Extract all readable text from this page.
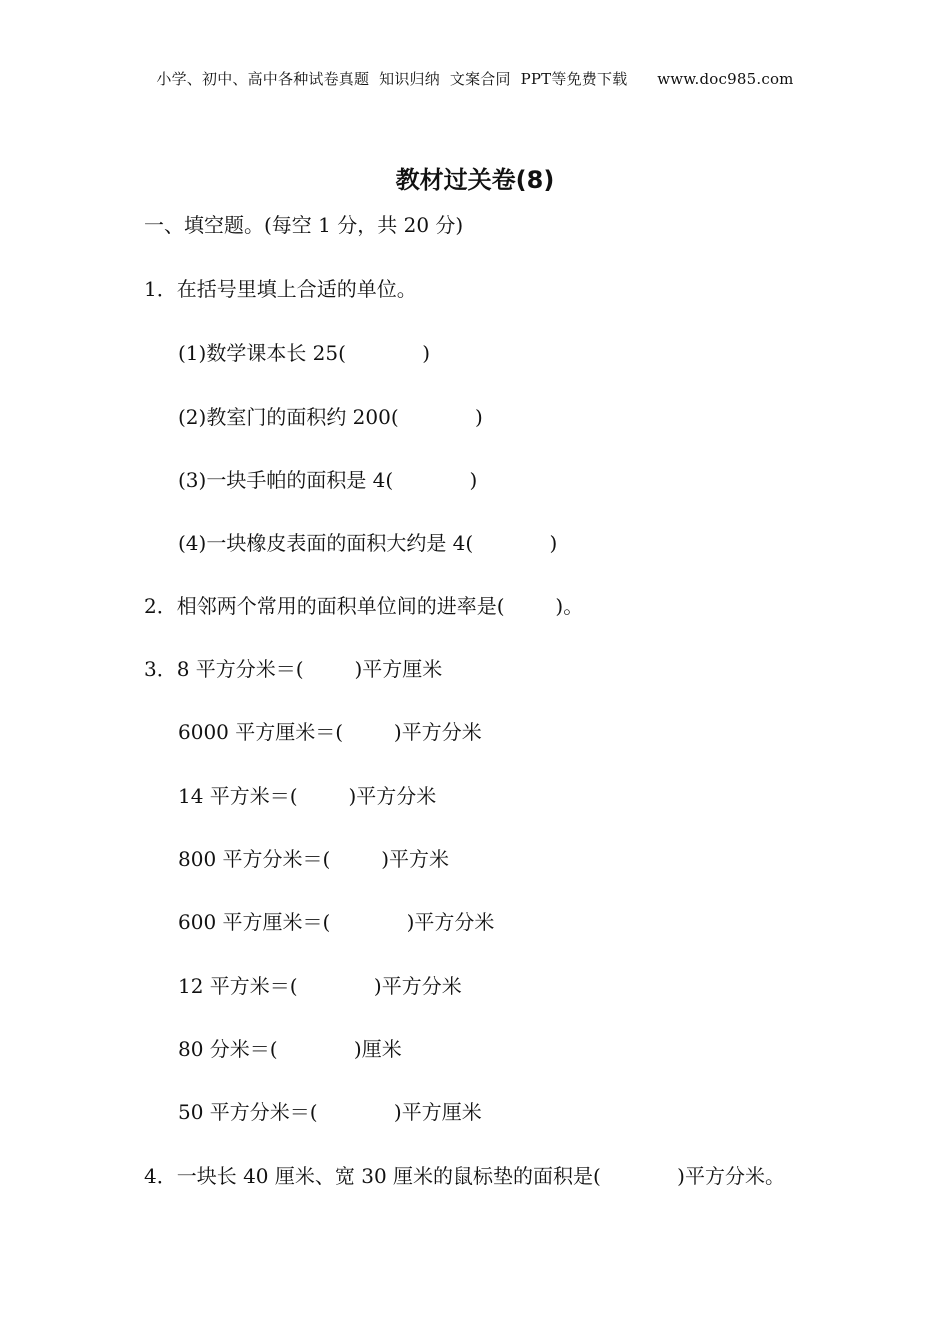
小学、初中、高中各种试卷真题  知识归纳  文案合同  PPT等免费下载      www.doc985.com
教材过关卷(8)
一、填空题。(每空 1 分，共 20 分)
1．在括号里填上合适的单位。
(1)数学课本长 25(            )
(2)教室门的面积约 200(            )
(3)一块手帕的面积是 4(            )
(4)一块橡皮表面的面积大约是 4(            )
2．相邻两个常用的面积单位间的进率是(        )。
3．8 平方分米＝(        )平方厘米
6000 平方厘米＝(        )平方分米
14 平方米＝(        )平方分米
800 平方分米＝(        )平方米
600 平方厘米＝(            )平方分米
12 平方米＝(            )平方分米
80 分米＝(            )厘米
50 平方分米＝(            )平方厘米
4．一块长 40 厘米、宽 30 厘米的鼠标垫的面积是(            )平方分米。
